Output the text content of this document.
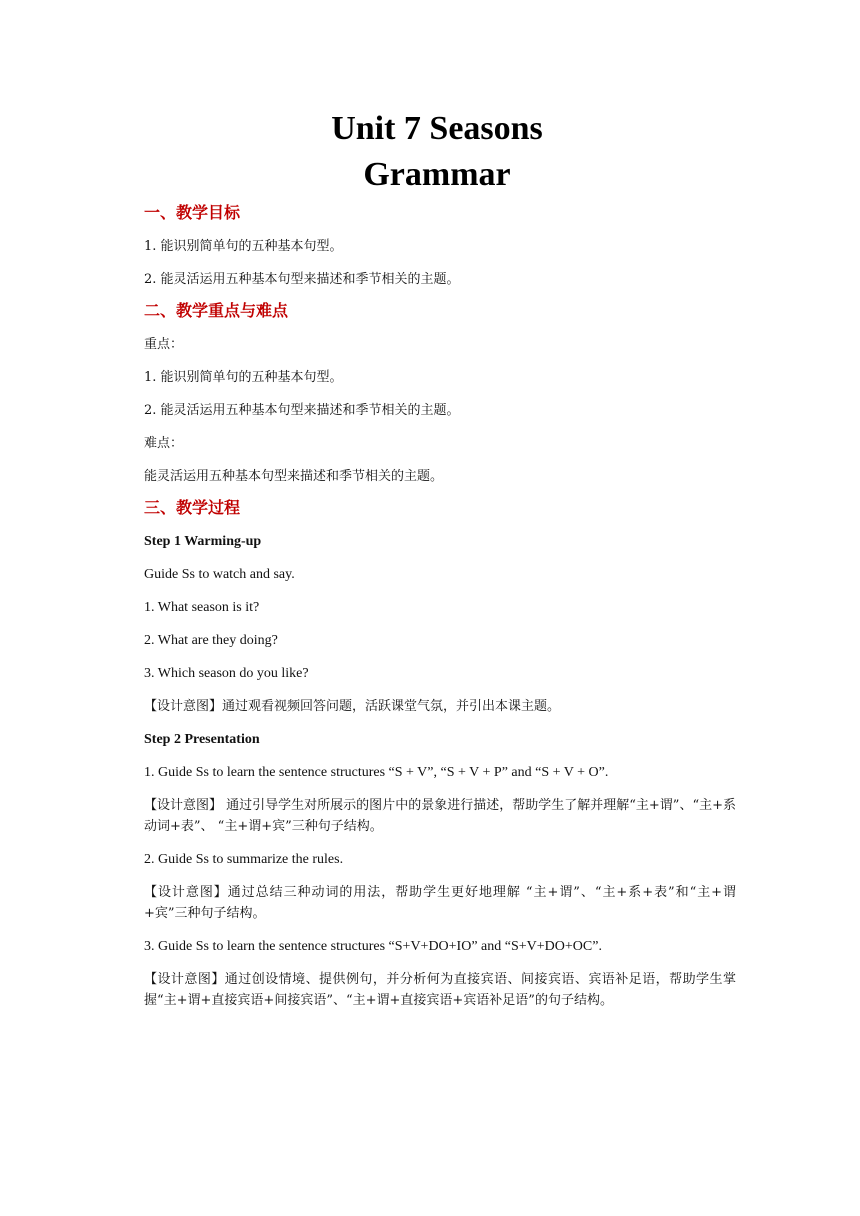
Unit 7 Seasons
Grammar
一、教学目标

1. 能识别简单句的五种基本句型。

2. 能灵活运用五种基本句型来描述和季节相关的主题。

二、教学重点与难点

重点：

1. 能识别简单句的五种基本句型。

2. 能灵活运用五种基本句型来描述和季节相关的主题。

难点：

能灵活运用五种基本句型来描述和季节相关的主题。

三、教学过程

Step 1 Warming-up

Guide Ss to watch and say.

1. What season is it?

2. What are they doing?

3. Which season do you like?

【设计意图】通过观看视频回答问题，活跃课堂气氛，并引出本课主题。

Step 2 Presentation

1. Guide Ss to learn the sentence structures “S + V”, “S + V + P” and “S + V + O”.

【设计意图】 通过引导学生对所展示的图片中的景象进行描述，帮助学生了解并理解“主+谓”、“主+系动词+表”、 “主+谓+宾”三种句子结构。

2. Guide Ss to summarize the rules.

【设计意图】通过总结三种动词的用法，帮助学生更好地理解 “主+谓”、“主+系+表”和“主+谓+宾”三种句子结构。

3. Guide Ss to learn the sentence structures “S+V+DO+IO” and “S+V+DO+OC”.

【设计意图】通过创设情境、提供例句，并分析何为直接宾语、间接宾语、宾语补足语，帮助学生掌握“主+谓+直接宾语+间接宾语”、“主+谓+直接宾语+宾语补足语”的句子结构。
